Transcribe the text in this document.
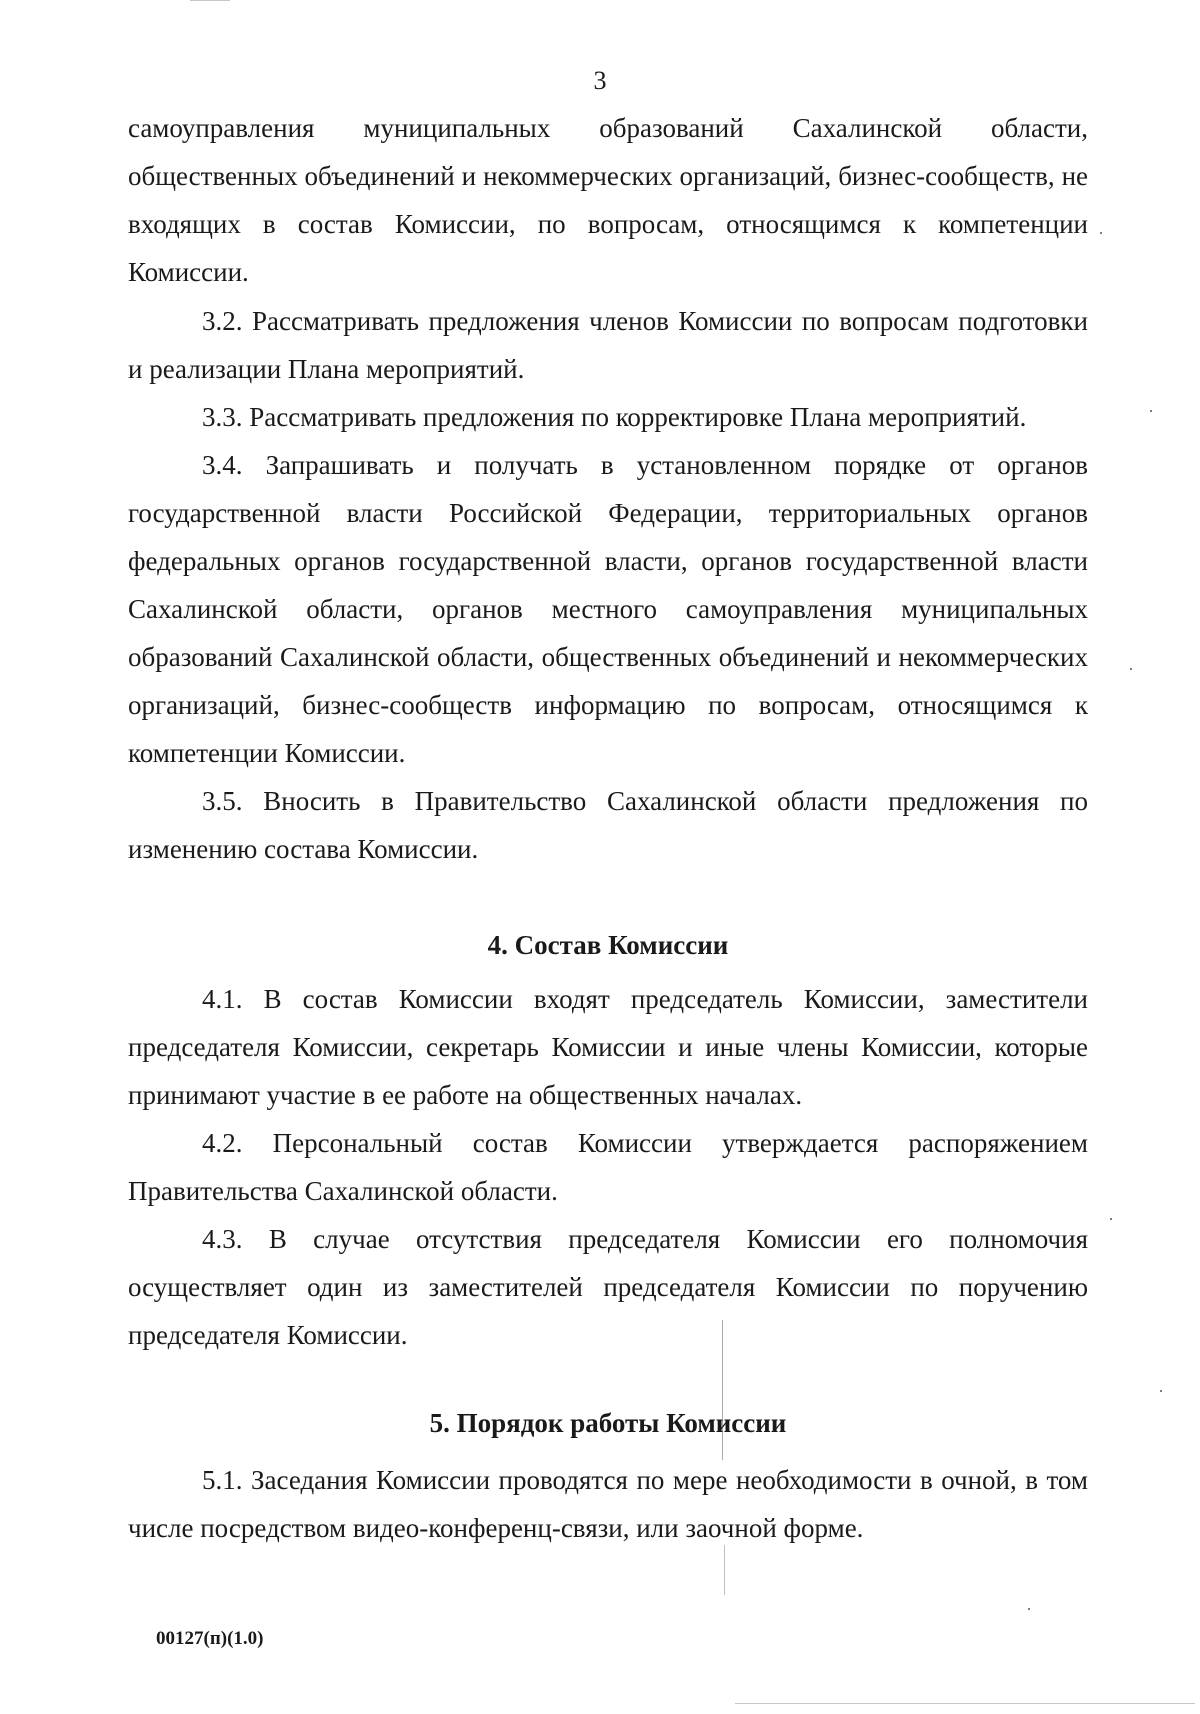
3

самоуправления муниципальных образований Сахалинской области, общественных объединений и некоммерческих организаций, бизнес-сообществ, не входящих в состав Комиссии, по вопросам, относящимся к компетенции Комиссии.

3.2. Рассматривать предложения членов Комиссии по вопросам подготовки и реализации Плана мероприятий.

3.3. Рассматривать предложения по корректировке Плана мероприятий.

3.4. Запрашивать и получать в установленном порядке от органов государственной власти Российской Федерации, территориальных органов федеральных органов государственной власти, органов государственной власти Сахалинской области, органов местного самоуправления муниципальных образований Сахалинской области, общественных объединений и некоммерческих организаций, бизнес-сообществ информацию по вопросам, относящимся к компетенции Комиссии.

3.5. Вносить в Правительство Сахалинской области предложения по изменению состава Комиссии.

4. Состав Комиссии

4.1. В состав Комиссии входят председатель Комиссии, заместители председателя Комиссии, секретарь Комиссии и иные члены Комиссии, которые принимают участие в ее работе на общественных началах.

4.2. Персональный состав Комиссии утверждается распоряжением Правительства Сахалинской области.

4.3. В случае отсутствия председателя Комиссии его полномочия осуществляет один из заместителей председателя Комиссии по поручению председателя Комиссии.

5. Порядок работы Комиссии

5.1. Заседания Комиссии проводятся по мере необходимости в очной, в том числе посредством видео-конференц-связи, или заочной форме.

00127(п)(1.0)
